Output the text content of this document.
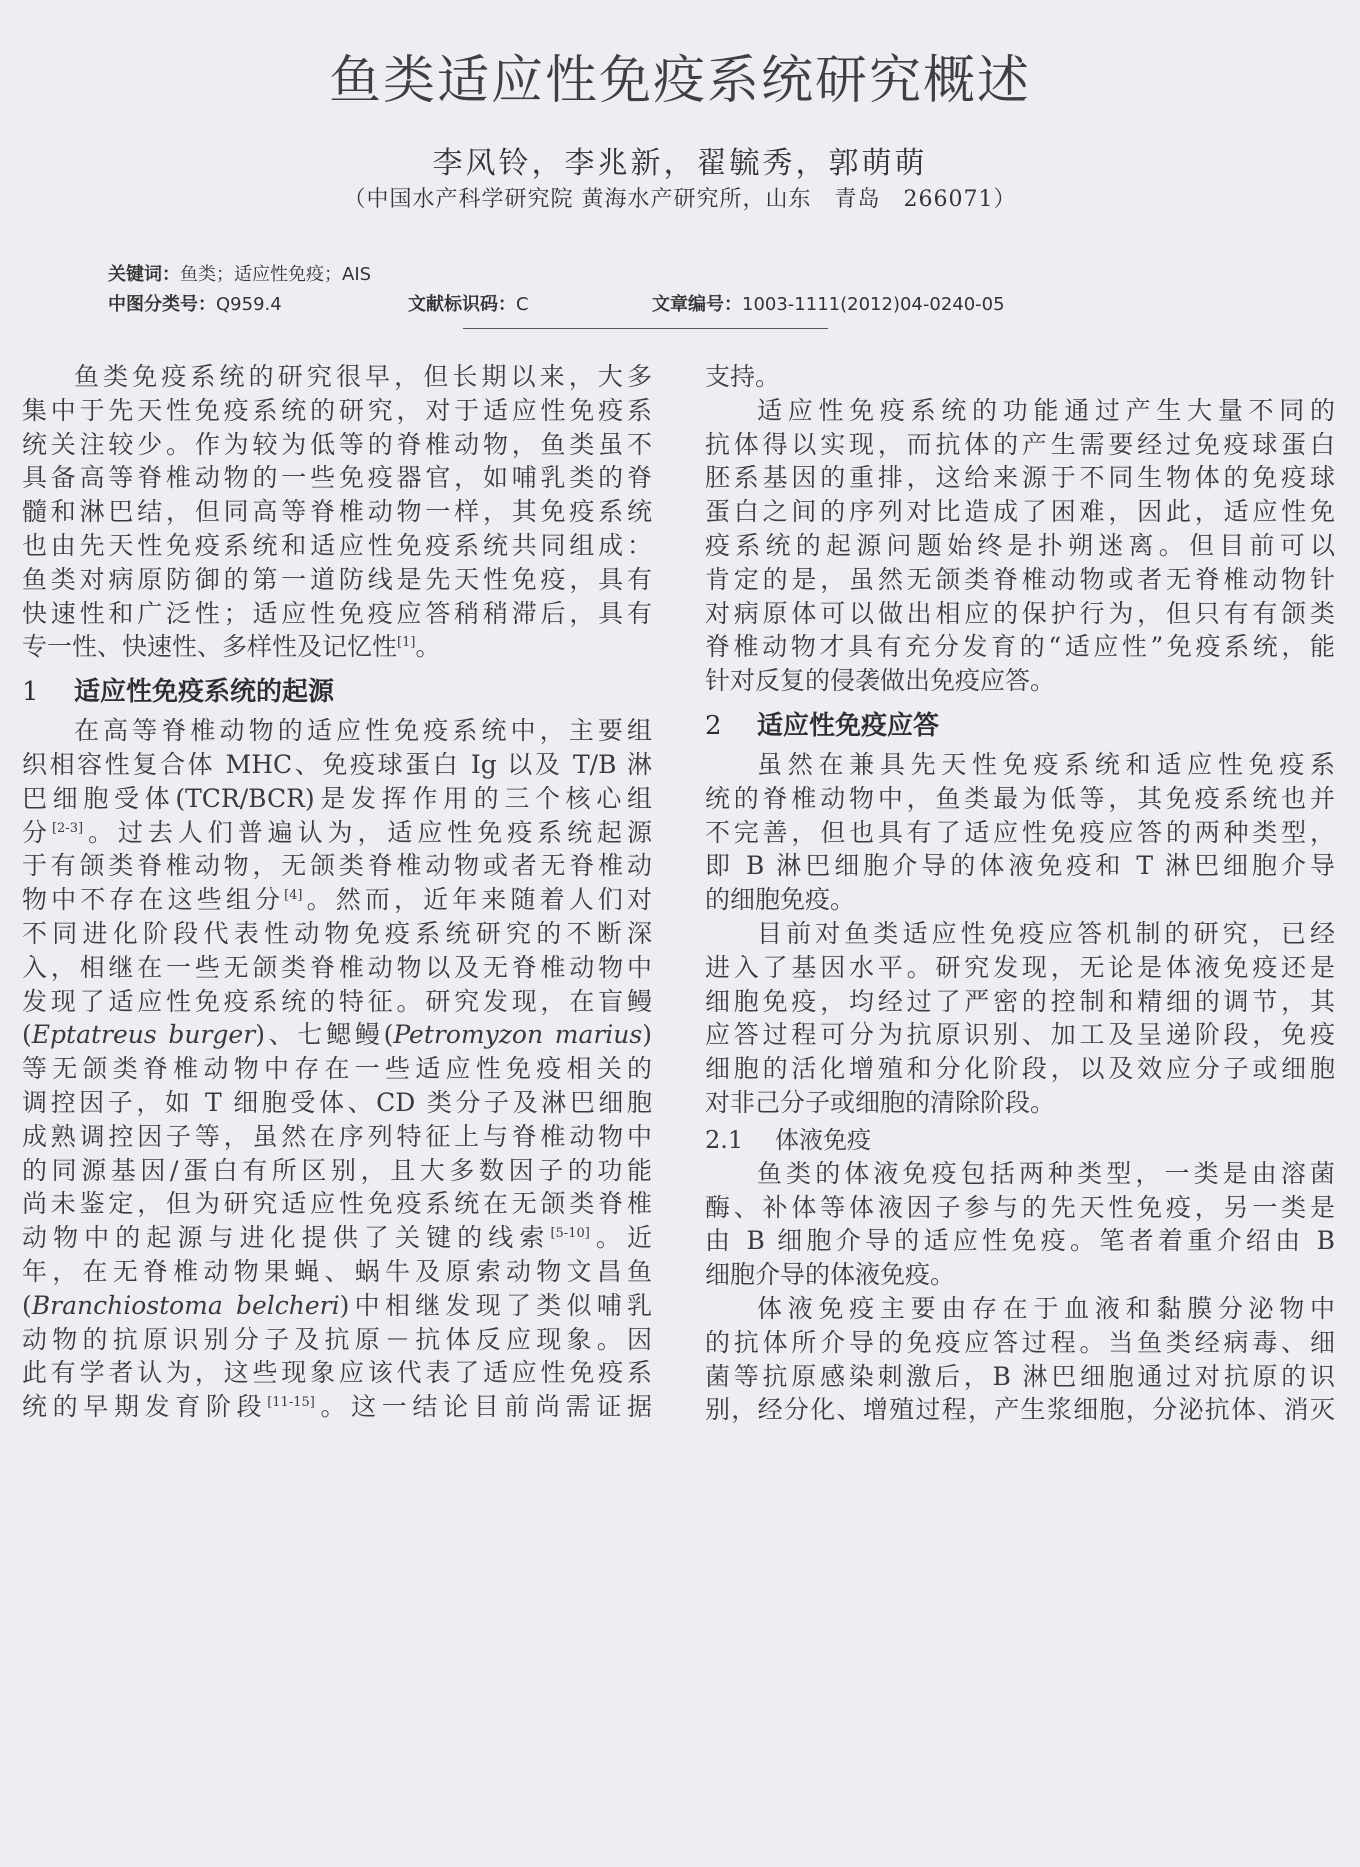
鱼类适应性免疫系统研究概述
李风铃，李兆新，翟毓秀，郭萌萌
（中国水产科学研究院 黄海水产研究所，山东　青岛　266071）
关键词：鱼类；适应性免疫；AIS
中图分类号：Q959.4	文献标识码：C	文章编号：1003-1111(2012)04-0240-05
鱼类免疫系统的研究很早，但长期以来，大多
集中于先天性免疫系统的研究，对于适应性免疫系
统关注较少。作为较为低等的脊椎动物，鱼类虽不
具备高等脊椎动物的一些免疫器官，如哺乳类的脊
髓和淋巴结，但同高等脊椎动物一样，其免疫系统
也由先天性免疫系统和适应性免疫系统共同组成：
鱼类对病原防御的第一道防线是先天性免疫，具有
快速性和广泛性；适应性免疫应答稍稍滞后，具有
专一性、快速性、多样性及记忆性[1]。
1 适应性免疫系统的起源
在高等脊椎动物的适应性免疫系统中，主要组
织相容性复合体 MHC、免疫球蛋白 Ig 以及 T/B 淋
巴细胞受体(TCR/BCR)是发挥作用的三个核心组
分[2-3]。过去人们普遍认为，适应性免疫系统起源
于有颌类脊椎动物，无颌类脊椎动物或者无脊椎动
物中不存在这些组分[4]。然而，近年来随着人们对
不同进化阶段代表性动物免疫系统研究的不断深
入，相继在一些无颌类脊椎动物以及无脊椎动物中
发现了适应性免疫系统的特征。研究发现，在盲鳗
(Eptatreus burger)、七鳃鳗(Petromyzon marius)
等无颌类脊椎动物中存在一些适应性免疫相关的
调控因子，如 T 细胞受体、CD 类分子及淋巴细胞
成熟调控因子等，虽然在序列特征上与脊椎动物中
的同源基因/蛋白有所区别，且大多数因子的功能
尚未鉴定，但为研究适应性免疫系统在无颌类脊椎
动物中的起源与进化提供了关键的线索[5-10]。近
年，在无脊椎动物果蝇、蜗牛及原索动物文昌鱼
(Branchiostoma belcheri)中相继发现了类似哺乳
动物的抗原识别分子及抗原－抗体反应现象。因
此有学者认为，这些现象应该代表了适应性免疫系
统的早期发育阶段[11-15]。这一结论目前尚需证据
支持。
适应性免疫系统的功能通过产生大量不同的
抗体得以实现，而抗体的产生需要经过免疫球蛋白
胚系基因的重排，这给来源于不同生物体的免疫球
蛋白之间的序列对比造成了困难，因此，适应性免
疫系统的起源问题始终是扑朔迷离。但目前可以
肯定的是，虽然无颌类脊椎动物或者无脊椎动物针
对病原体可以做出相应的保护行为，但只有有颌类
脊椎动物才具有充分发育的“适应性”免疫系统，能
针对反复的侵袭做出免疫应答。
2 适应性免疫应答
虽然在兼具先天性免疫系统和适应性免疫系
统的脊椎动物中，鱼类最为低等，其免疫系统也并
不完善，但也具有了适应性免疫应答的两种类型，
即 B 淋巴细胞介导的体液免疫和 T 淋巴细胞介导
的细胞免疫。
目前对鱼类适应性免疫应答机制的研究，已经
进入了基因水平。研究发现，无论是体液免疫还是
细胞免疫，均经过了严密的控制和精细的调节，其
应答过程可分为抗原识别、加工及呈递阶段，免疫
细胞的活化增殖和分化阶段，以及效应分子或细胞
对非己分子或细胞的清除阶段。
2.1 体液免疫
鱼类的体液免疫包括两种类型，一类是由溶菌
酶、补体等体液因子参与的先天性免疫，另一类是
由 B 细胞介导的适应性免疫。笔者着重介绍由 B
细胞介导的体液免疫。
体液免疫主要由存在于血液和黏膜分泌物中
的抗体所介导的免疫应答过程。当鱼类经病毒、细
菌等抗原感染刺激后，B 淋巴细胞通过对抗原的识
别，经分化、增殖过程，产生浆细胞，分泌抗体、消灭
